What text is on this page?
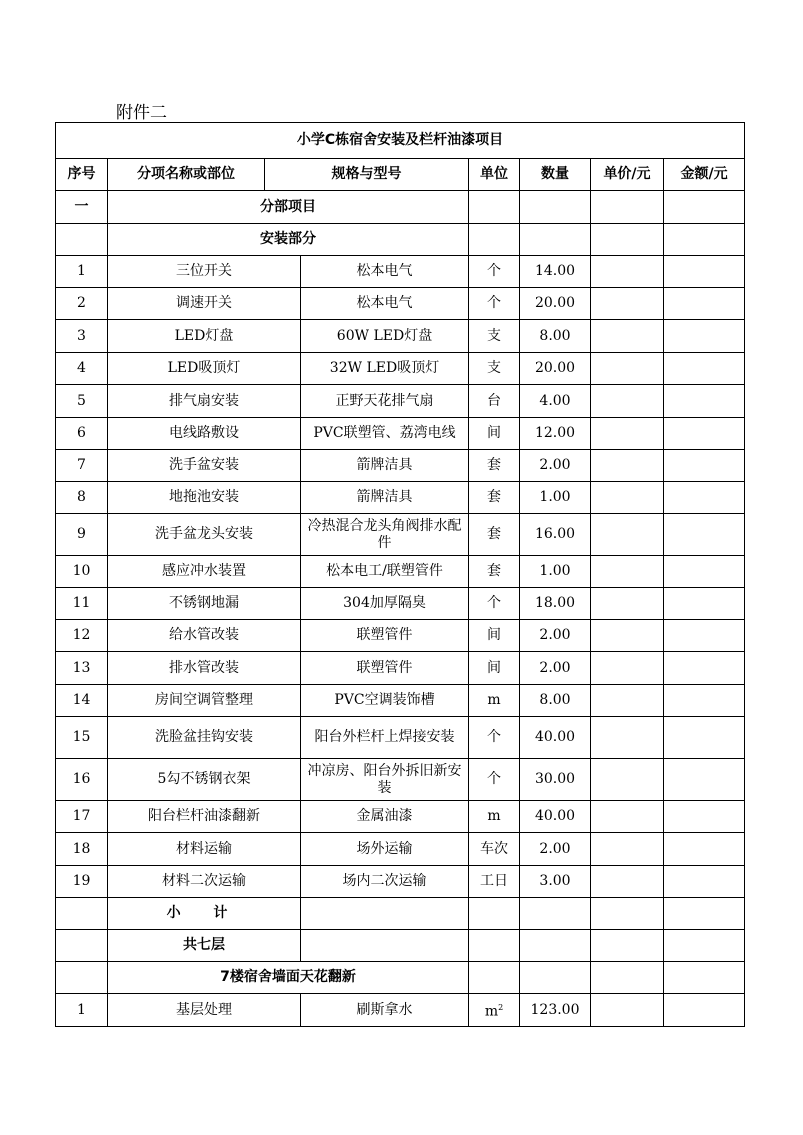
附件二
小学C栋宿舍安装及栏杆油漆项目							
序号	分项名称或部位	规格与型号		单位	数量	单价/元	金额/元
一	分部项目						
	安装部分						
1	三位开关		松本电气	个	14.00		
2	调速开关		松本电气	个	20.00		
3	LED灯盘		60W LED灯盘	支	8.00		
4	LED吸顶灯		32W LED吸顶灯	支	20.00		
5	排气扇安装		正野天花排气扇	台	4.00		
6	电线路敷设		PVC联塑管、荔湾电线	间	12.00		
7	洗手盆安装		箭牌洁具	套	2.00		
8	地拖池安装		箭牌洁具	套	1.00		
9	洗手盆龙头安装		冷热混合龙头角阀排水配件	套	16.00		
10	感应冲水装置		松本电工/联塑管件	套	1.00		
11	不锈钢地漏		304加厚隔臭	个	18.00		
12	给水管改装		联塑管件	间	2.00		
13	排水管改装		联塑管件	间	2.00		
14	房间空调管整理		PVC空调装饰槽	m	8.00		
15	洗脸盆挂钩安装		阳台外栏杆上焊接安装	个	40.00		
16	5勾不锈钢衣架		冲凉房、阳台外拆旧新安装	个	30.00		
17	阳台栏杆油漆翻新		金属油漆	m	40.00		
18	材料运输		场外运输	车次	2.00		
19	材料二次运输		场内二次运输	工日	3.00		
	小 计						
	共七层						
	7楼宿舍墙面天花翻新						
1	基层处理		刷斯拿水	$m^2$	123.00		
